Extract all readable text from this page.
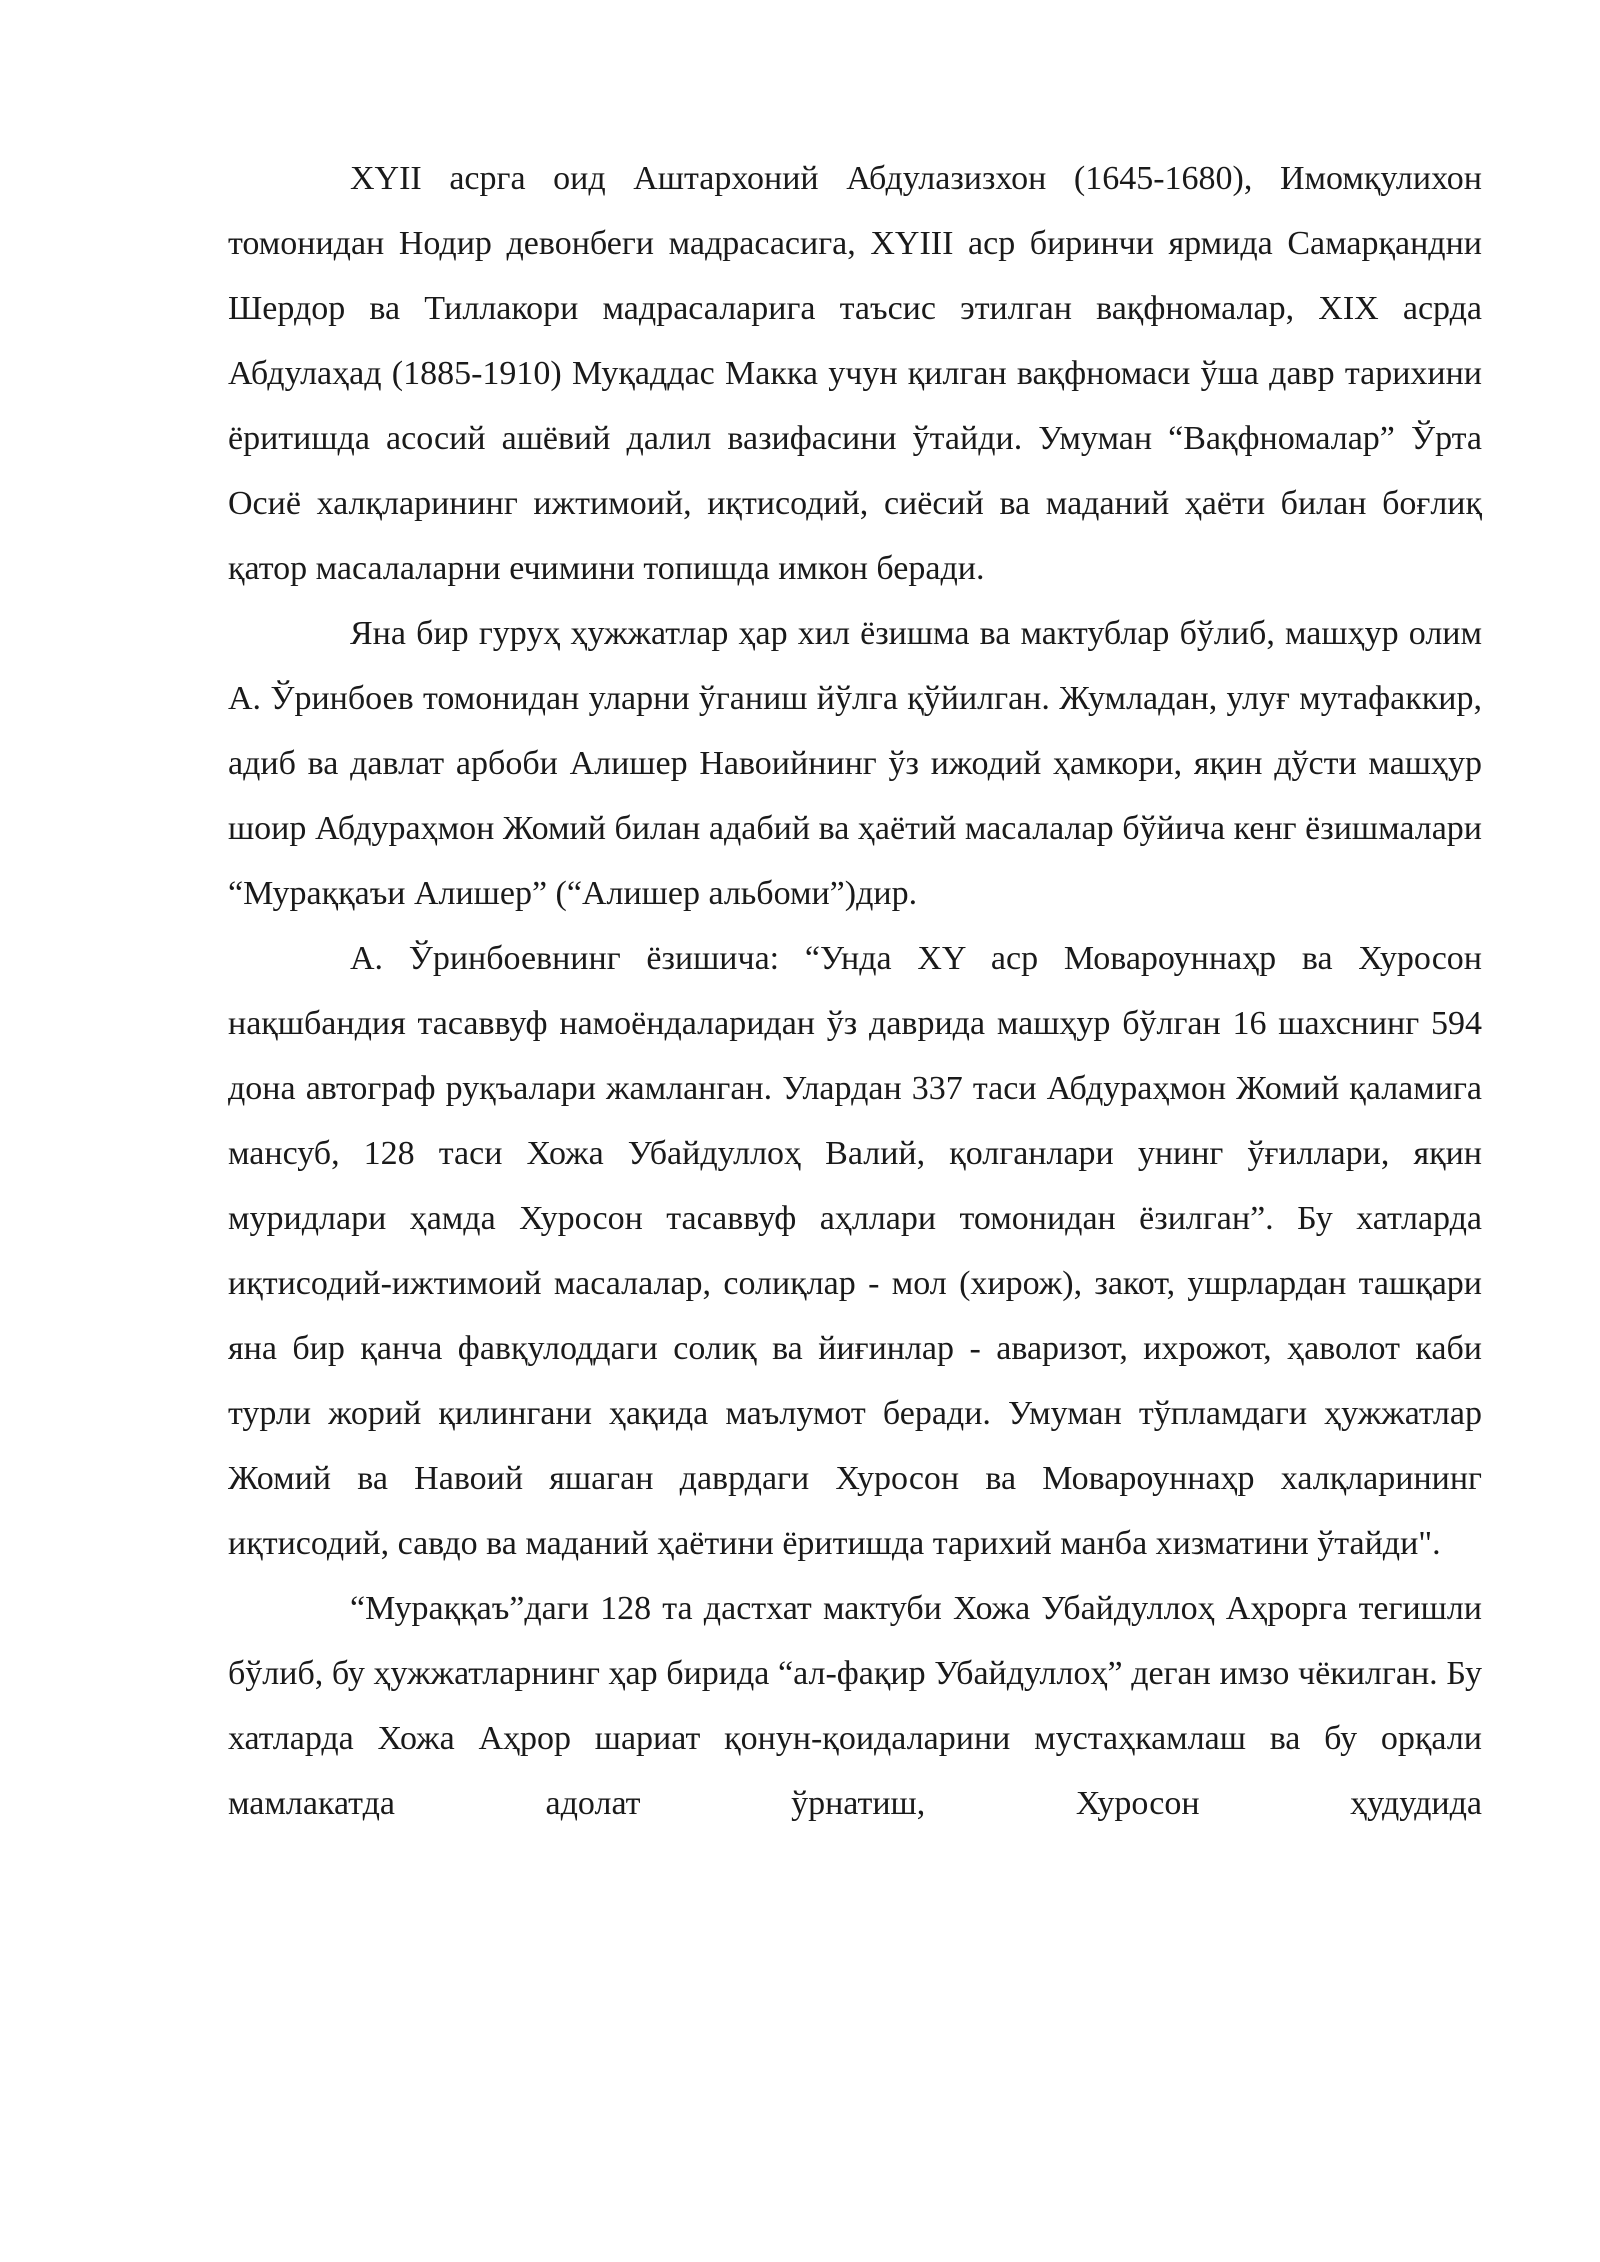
XYII асрга оид Аштархоний Абдулазизхон (1645-1680), Имомқулихон томонидан Нодир девонбеги мадрасасига, XYIII аср биринчи ярмида Самарқандни Шердор ва Тиллакори мадрасаларига таъсис этилган вақфномалар, XIX асрда Абдулаҳад (1885-1910) Муқаддас Макка учун қилган вақфномаси ўша давр тарихини ёритишда асосий ашёвий далил вазифасини ўтайди. Умуман “Вақфномалар” Ўрта Осиё халқларининг ижтимоий, иқтисодий, сиёсий ва маданий ҳаёти билан боғлиқ қатор масалаларни ечимини топишда имкон беради.

Яна бир гуруҳ ҳужжатлар ҳар хил ёзишма ва мактублар бўлиб, машҳур олим А. Ўринбоев томонидан уларни ўганиш йўлга қўйилган. Жумладан, улуғ мутафаккир, адиб ва давлат арбоби Алишер Навоийнинг ўз ижодий ҳамкори, яқин дўсти машҳур шоир Абдураҳмон Жомий билан адабий ва ҳаётий масалалар бўйича кенг ёзишмалари “Мураққаъи Алишер” (“Алишер альбоми”)дир.

А. Ўринбоевнинг ёзишича: “Унда XY аср Мовароуннаҳр ва Хуросон нақшбандия тасаввуф намоёндаларидан ўз даврида машҳур бўлган 16 шахснинг 594 дона автограф руқъалари жамланган. Улардан 337 таси Абдураҳмон Жомий қаламига мансуб, 128 таси Хожа Убайдуллоҳ Валий, қолганлари унинг ўғиллари, яқин муридлари ҳамда Хуросон тасаввуф аҳллари томонидан ёзилган”. Бу хатларда иқтисодий-ижтимоий масалалар, солиқлар - мол (хирож), закот, ушрлардан ташқари яна бир қанча фавқулоддаги солиқ ва йиғинлар - аваризот, ихрожот, ҳаволот каби турли жорий қилингани ҳақида маълумот беради. Умуман тўпламдаги ҳужжатлар Жомий ва Навоий яшаган даврдаги Хуросон ва Мовароуннаҳр халқларининг иқтисодий, савдо ва маданий ҳаётини ёритишда тарихий манба хизматини ўтайди".

“Мураққаъ”даги 128 та дастхат мактуби Хожа Убайдуллоҳ Аҳрорга тегишли бўлиб, бу ҳужжатларнинг ҳар бирида “ал-фақир Убайдуллоҳ” деган имзо чёкилган. Бу хатларда Хожа Аҳрор шариат қонун-қоидаларини мустаҳкамлаш ва бу орқали мамлакатда адолат ўрнатиш, Хуросон ҳудудида
